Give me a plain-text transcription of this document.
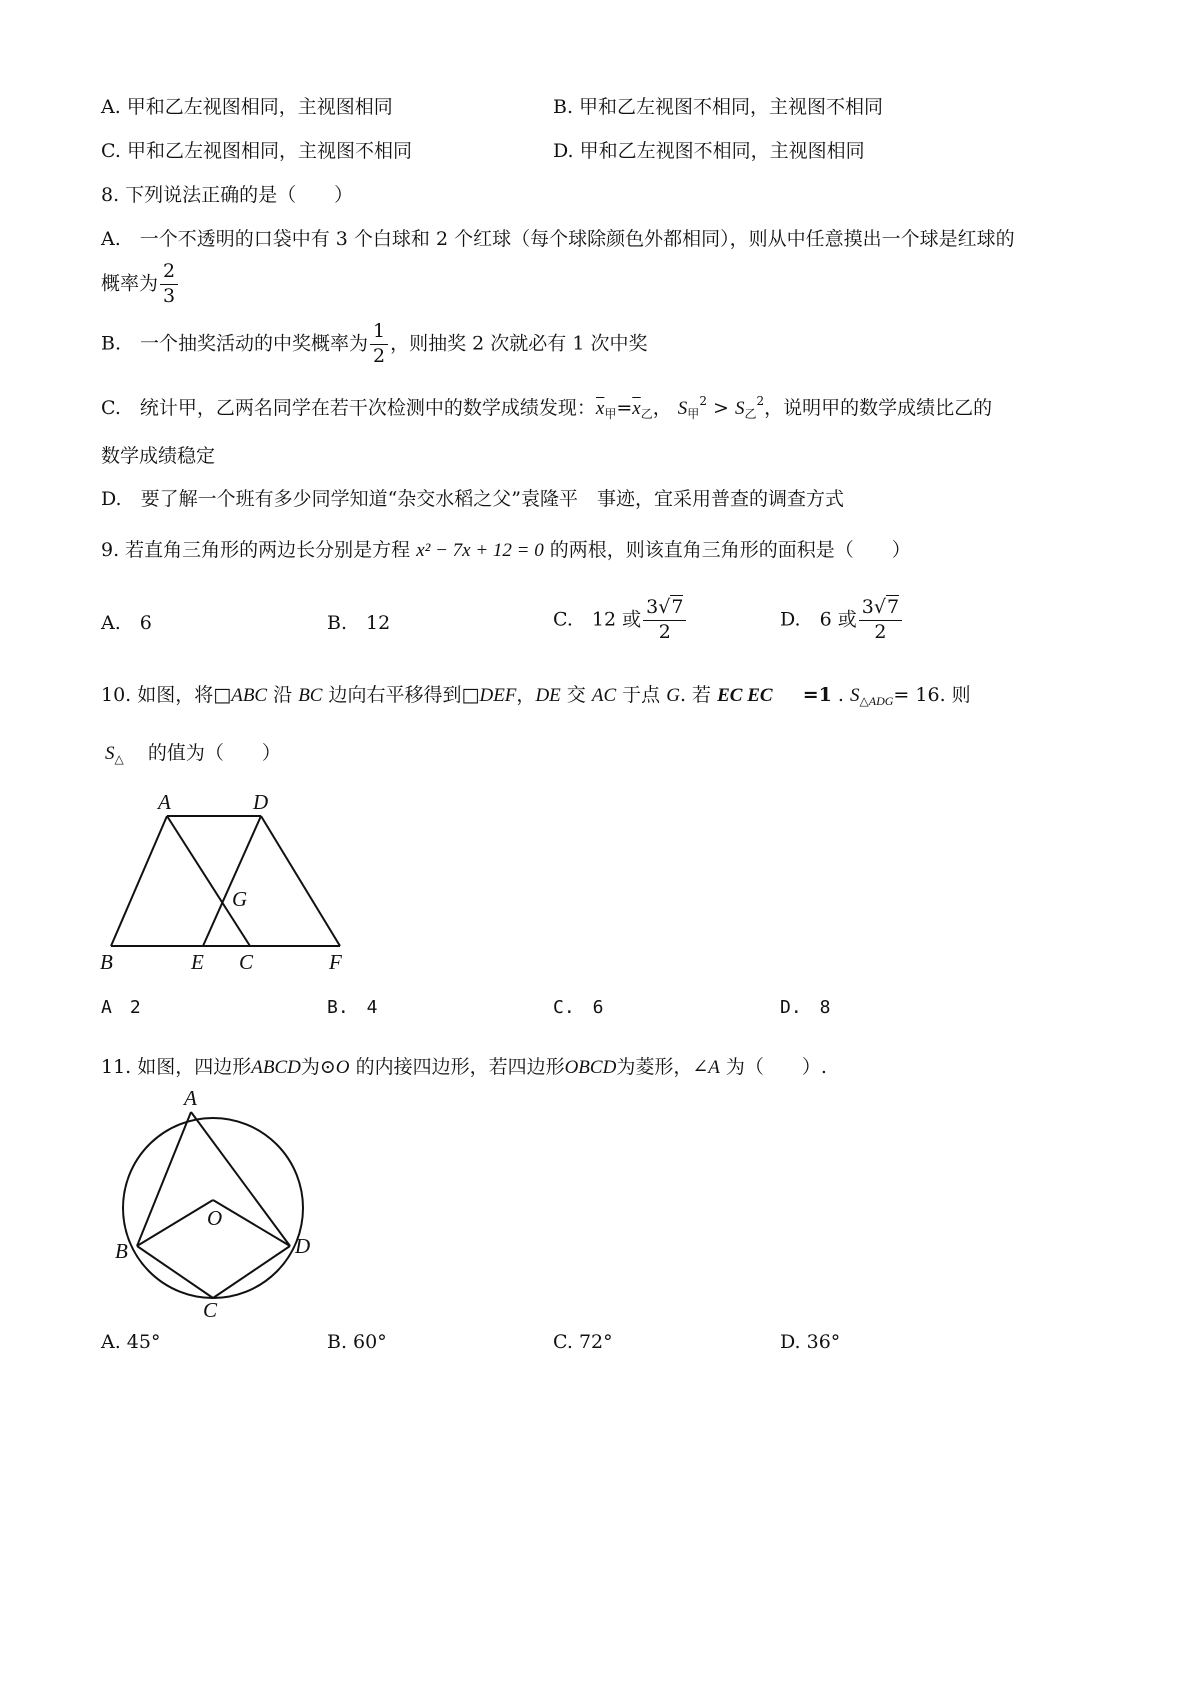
A. 甲和乙左视图相同，主视图相同	B. 甲和乙左视图不相同，主视图不相同
C. 甲和乙左视图相同，主视图不相同	D. 甲和乙左视图不相同，主视图相同
8. 下列说法正确的是（　　）
A.　一个不透明的口袋中有 3 个白球和 2 个红球（每个球除颜色外都相同），则从中任意摸出一个球是红球的
概率为 $\frac{2}{3}$
B.　一个抽奖活动的中奖概率为 $\frac{1}{2}$ ，则抽奖 2 次就必有 1 次中奖
C.　统计甲，乙两名同学在若干次检测中的数学成绩发现：$\overline{x}_甲=\overline{x}_乙$， $S_甲^2 > S_乙^2$，说明甲的数学成绩比乙的
数学成绩稳定
D.　要了解一个班有多少同学知道“杂交水稻之父”袁隆平　事迹，宜采用普查的调查方式
9. 若直角三角形的两边长分别是方程 x² − 7x + 12 = 0 的两根，则该直角三角形的面积是（　　）
A.　6	B.　12	C.　12 或 $\frac{3√7}{2}$	D.　6 或 $\frac{3√7}{2}$
10. 如图，将□ABC 沿 BC 边向右平移得到□DEF，DE 交 AC 于点 G. 若 EC EC =1 . $S_{\triangle ADG}= 16$. 则
$S_\triangle$ 的值为（　　）
A	D
G
B	E C	F
A　2	B.　4	C.　6	D.　8
11. 如图，四边形ABCD为⊙O 的内接四边形，若四边形OBCD为菱形，∠A 为（　　）.
A
O
B
C
D
A. 45°	B. 60°	C. 72°	D. 36°
